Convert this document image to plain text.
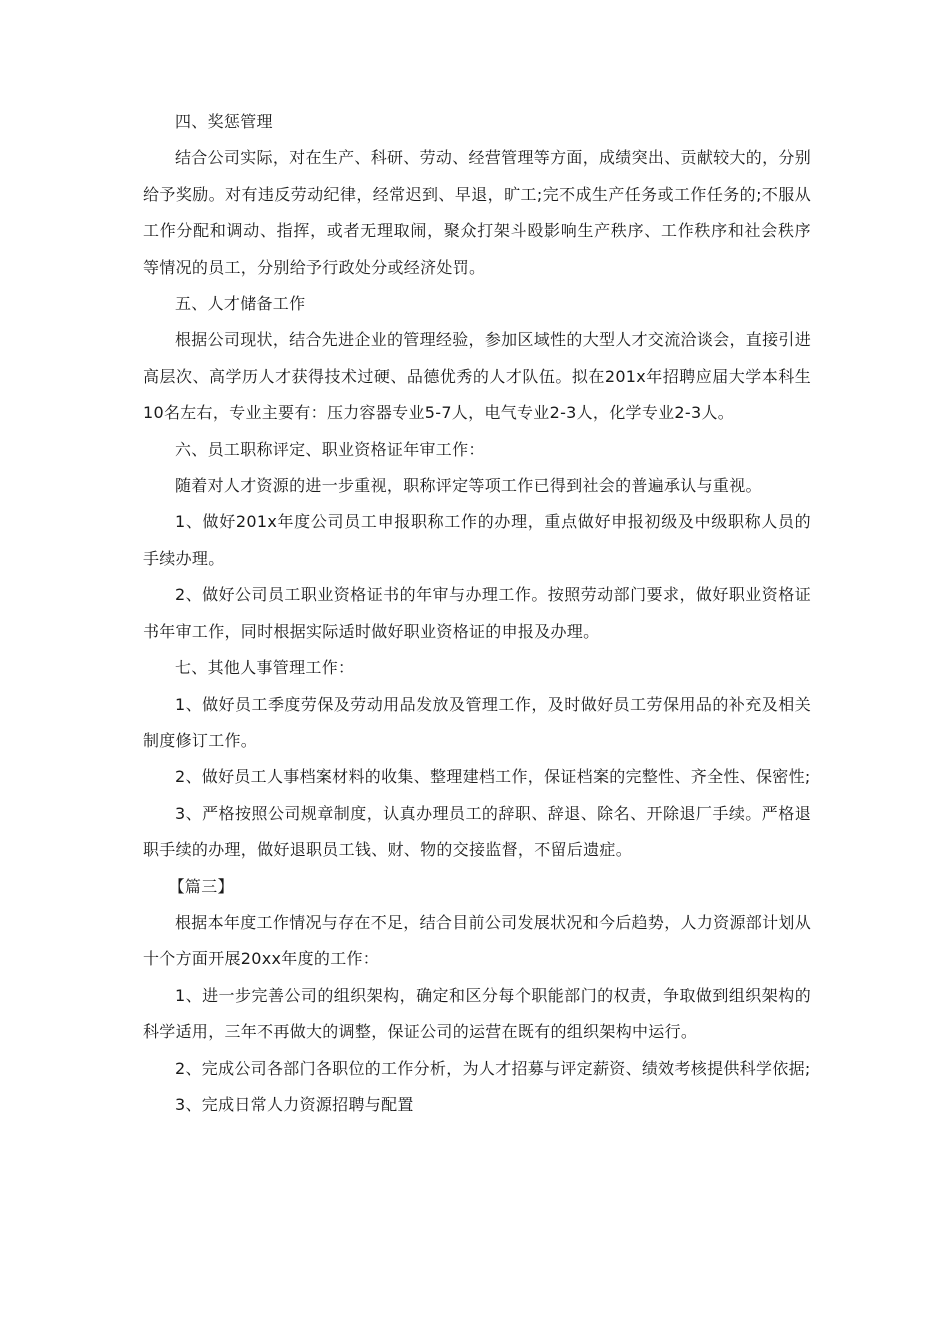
四、奖惩管理

结合公司实际，对在生产、科研、劳动、经营管理等方面，成绩突出、贡献较大的，分别给予奖励。对有违反劳动纪律，经常迟到、早退，旷工;完不成生产任务或工作任务的;不服从工作分配和调动、指挥，或者无理取闹，聚众打架斗殴影响生产秩序、工作秩序和社会秩序等情况的员工，分别给予行政处分或经济处罚。

五、人才储备工作

根据公司现状，结合先进企业的管理经验，参加区域性的大型人才交流洽谈会，直接引进高层次、高学历人才获得技术过硬、品德优秀的人才队伍。拟在201x年招聘应届大学本科生10名左右，专业主要有：压力容器专业5-7人，电气专业2-3人，化学专业2-3人。

六、员工职称评定、职业资格证年审工作：

随着对人才资源的进一步重视，职称评定等项工作已得到社会的普遍承认与重视。

1、做好201x年度公司员工申报职称工作的办理，重点做好申报初级及中级职称人员的手续办理。

2、做好公司员工职业资格证书的年审与办理工作。按照劳动部门要求，做好职业资格证书年审工作，同时根据实际适时做好职业资格证的申报及办理。

七、其他人事管理工作：

1、做好员工季度劳保及劳动用品发放及管理工作，及时做好员工劳保用品的补充及相关制度修订工作。

2、做好员工人事档案材料的收集、整理建档工作，保证档案的完整性、齐全性、保密性;

3、严格按照公司规章制度，认真办理员工的辞职、辞退、除名、开除退厂手续。严格退职手续的办理，做好退职员工钱、财、物的交接监督，不留后遗症。

【篇三】

根据本年度工作情况与存在不足，结合目前公司发展状况和今后趋势，人力资源部计划从十个方面开展20xx年度的工作：

1、进一步完善公司的组织架构，确定和区分每个职能部门的权责，争取做到组织架构的科学适用，三年不再做大的调整，保证公司的运营在既有的组织架构中运行。

2、完成公司各部门各职位的工作分析，为人才招募与评定薪资、绩效考核提供科学依据;

3、完成日常人力资源招聘与配置
